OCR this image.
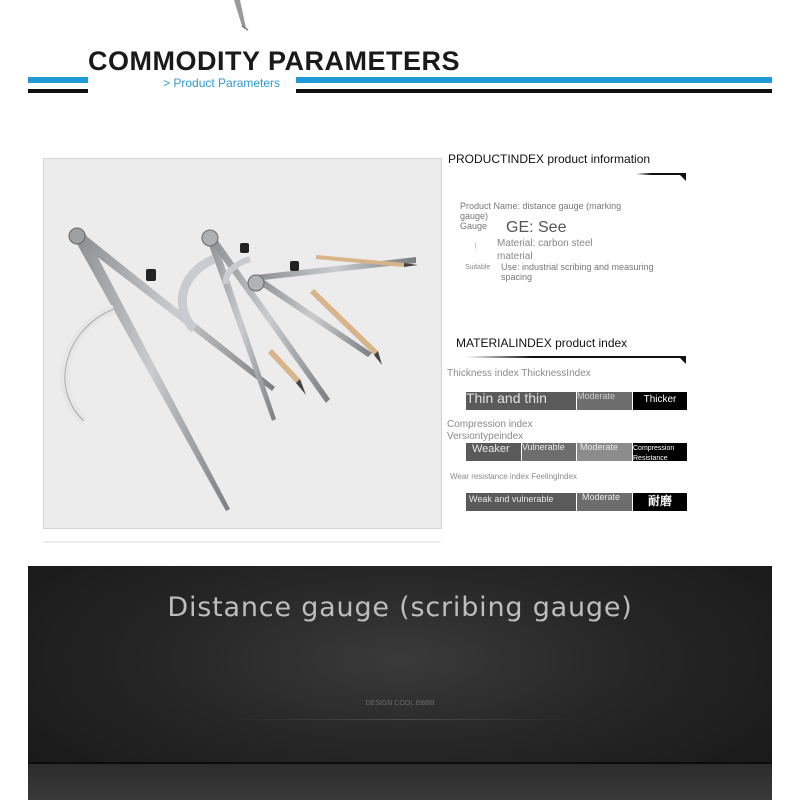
COMMODITY PARAMETERS
> Product Parameters
PRODUCTINDEX product information
Product Name: distance gauge (marking gauge)
Gauge GE: See
! Material: carbon steel material
Suitable Use: industrial scribing and measuring spacing
MATERIALINDEX product index
Thickness index ThicknessIndex
Thin and thin	Moderate	Thicker
Compression index Versiontypeindex
Weaker	Vulnerable	Moderate	Compression Resistance
Wear resistance index FeelingIndex
Weak and vulnerable	Moderate	耐磨
Distance gauge (scribing gauge)
DESIGN COOL BBBB
